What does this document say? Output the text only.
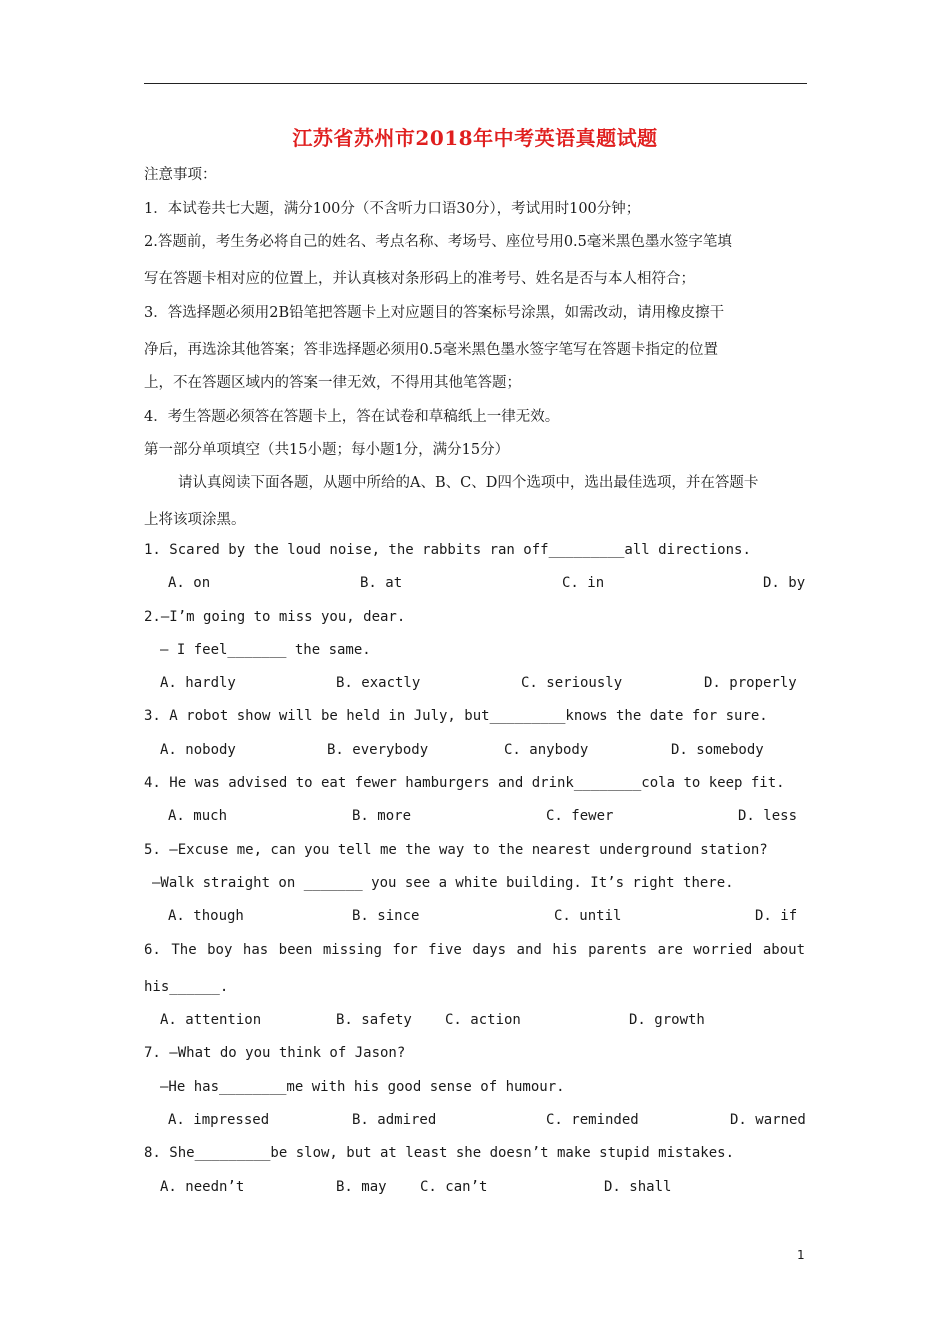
江苏省苏州市2018年中考英语真题试题
注意事项：
1．本试卷共七大题，满分100分（不含听力口语30分），考试用时100分钟；
2.答题前，考生务必将自己的姓名、考点名称、考场号、座位号用0.5毫米黑色墨水签字笔填
写在答题卡相对应的位置上，并认真核对条形码上的准考号、姓名是否与本人相符合；
3．答选择题必须用2B铅笔把答题卡上对应题目的答案标号涂黑，如需改动，请用橡皮擦干
净后，再选涂其他答案；答非选择题必须用0.5毫米黑色墨水签字笔写在答题卡指定的位置
上，不在答题区域内的答案一律无效，不得用其他笔答题；
4．考生答题必须答在答题卡上，答在试卷和草稿纸上一律无效。
第一部分单项填空（共15小题；每小题1分，满分15分）
请认真阅读下面各题，从题中所给的A、B、C、D四个选项中，选出最佳选项，并在答题卡
上将该项涂黑。
1. Scared by the loud noise, the rabbits ran off_________all directions.
A. on	B. at	C. in	D. by
2.—I’m going to miss you, dear.
— I feel_______ the same.
A. hardly	B. exactly	C. seriously	D. properly
3. A robot show will be held in July, but_________knows the date for sure.
A. nobody	B. everybody	C. anybody	D. somebody
4. He was advised to eat fewer hamburgers and drink________cola to keep fit.
A. much	B. more	C. fewer	D. less
5. —Excuse me, can you tell me the way to the nearest underground station?
—Walk straight on _______ you see a white building. It’s right there.
A. though	B. since	C. until	D. if
6. The boy has been missing for five days and his parents are worried about
his______.
A. attention	B. safety C. action	D. growth
7. —What do you think of Jason?
—He has________me with his good sense of humour.
A. impressed	B. admired	C. reminded	D. warned
8. She_________be slow, but at least she doesn’t make stupid mistakes.
A. needn’t	B. may C. can’t	D. shall
1
